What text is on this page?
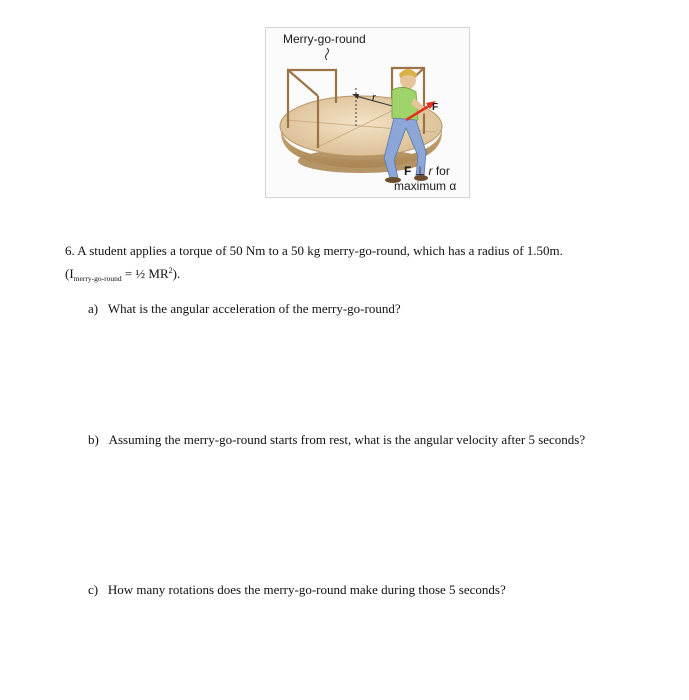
Merry-go-round
r
F
F ⊥ r for
maximum α
6. A student applies a torque of 50 Nm to a 50 kg merry-go-round, which has a radius of 1.50m.
($I_{merry-go-round}$ = ½ $MR^2$).
a) What is the angular acceleration of the merry-go-round?
b) Assuming the merry-go-round starts from rest, what is the angular velocity after 5 seconds?
c) How many rotations does the merry-go-round make during those 5 seconds?
